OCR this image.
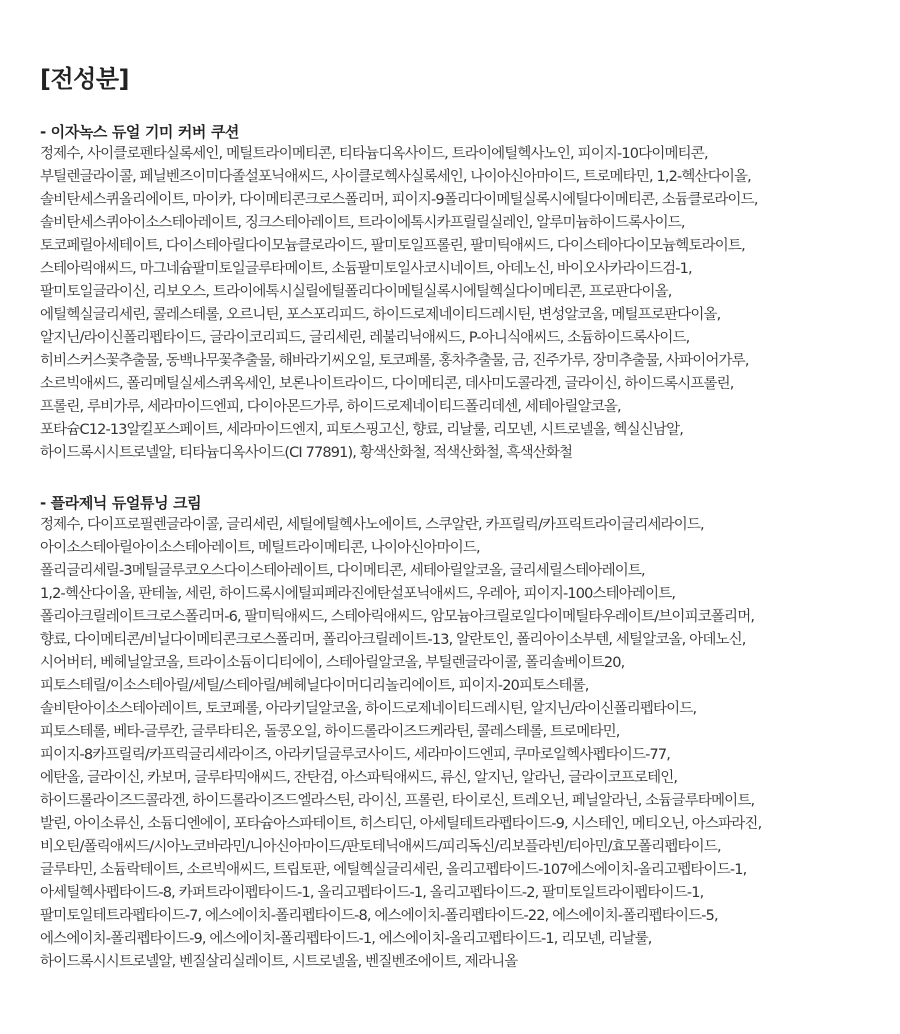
[전성분]
- 이자녹스 듀얼 기미 커버 쿠션
정제수, 사이클로펜타실록세인, 메틸트라이메티콘, 티타늄디옥사이드, 트라이에틸헥사노인, 피이지-10다이메티콘,
부틸렌글라이콜, 페닐벤즈이미다졸설포닉애씨드, 사이클로헥사실록세인, 나이아신아마이드, 트로메타민, 1,2-헥산다이올,
솔비탄세스퀴올리에이트, 마이카, 다이메티콘크로스폴리머, 피이지-9폴리다이메틸실록시에틸다이메티콘, 소듐클로라이드,
솔비탄세스퀴아이소스테아레이트, 징크스테아레이트, 트라이에톡시카프릴릴실레인, 알루미늄하이드록사이드,
토코페릴아세테이트, 다이스테아릴다이모늄클로라이드, 팔미토일프롤린, 팔미틱애씨드, 다이스테아다이모늄헥토라이트,
스테아릭애씨드, 마그네슘팔미토일글루타메이트, 소듐팔미토일사코시네이트, 아데노신, 바이오사카라이드검-1,
팔미토일글라이신, 리보오스, 트라이에톡시실릴에틸폴리다이메틸실록시에틸헥실다이메티콘, 프로판다이올,
에틸헥실글리세린, 콜레스테롤, 오르니틴, 포스포리피드, 하이드로제네이티드레시틴, 변성알코올, 메틸프로판다이올,
알지닌/라이신폴리펩타이드, 글라이코리피드, 글리세린, 레불리닉애씨드, P-아니식애씨드, 소듐하이드록사이드,
히비스커스꽃추출물, 동백나무꽃추출물, 해바라기씨오일, 토코페롤, 홍차추출물, 금, 진주가루, 장미추출물, 사파이어가루,
소르빅애씨드, 폴리메틸실세스퀴옥세인, 보론나이트라이드, 다이메티콘, 데사미도콜라겐, 글라이신, 하이드록시프롤린,
프롤린, 루비가루, 세라마이드엔피, 다이아몬드가루, 하이드로제네이티드폴리데센, 세테아릴알코올,
포타슘C12-13알킬포스페이트, 세라마이드엔지, 피토스핑고신, 향료, 리날룰, 리모넨, 시트로넬올, 헥실신남알,
하이드록시시트로넬알, 티타늄디옥사이드(CI 77891), 황색산화철, 적색산화철, 흑색산화철
- 플라제닉 듀얼튜닝 크림
정제수, 다이프로필렌글라이콜, 글리세린, 세틸에틸헥사노에이트, 스쿠알란, 카프릴릭/카프릭트라이글리세라이드,
아이소스테아릴아이소스테아레이트, 메틸트라이메티콘, 나이아신아마이드,
폴리글리세릴-3메틸글루코오스다이스테아레이트, 다이메티콘, 세테아릴알코올, 글리세릴스테아레이트,
1,2-헥산다이올, 판테놀, 세린, 하이드록시에틸피페라진에탄설포닉애씨드, 우레아, 피이지-100스테아레이트,
폴리아크릴레이트크로스폴리머-6, 팔미틱애씨드, 스테아릭애씨드, 암모늄아크릴로일다이메틸타우레이트/브이피코폴리머,
향료, 다이메티콘/비닐다이메티콘크로스폴리머, 폴리아크릴레이트-13, 알란토인, 폴리아이소부텐, 세틸알코올, 아데노신,
시어버터, 베헤닐알코올, 트라이소듐이디티에이, 스테아릴알코올, 부틸렌글라이콜, 폴리솔베이트20,
피토스테릴/이소스테아릴/세틸/스테아릴/베헤닐다이머디리놀리에이트, 피이지-20피토스테롤,
솔비탄아이소스테아레이트, 토코페롤, 아라키딜알코올, 하이드로제네이티드레시틴, 알지닌/라이신폴리펩타이드,
피토스테롤, 베타-글루칸, 글루타티온, 돌콩오일, 하이드롤라이즈드케라틴, 콜레스테롤, 트로메타민,
피이지-8카프릴릭/카프릭글리세라이즈, 아라키딜글루코사이드, 세라마이드엔피, 쿠마로일헥사펩타이드-77,
에탄올, 글라이신, 카보머, 글루타믹애씨드, 잔탄검, 아스파틱애씨드, 류신, 알지닌, 알라닌, 글라이코프로테인,
하이드롤라이즈드콜라겐, 하이드롤라이즈드엘라스틴, 라이신, 프롤린, 타이로신, 트레오닌, 페닐알라닌, 소듐글루타메이트,
발린, 아이소류신, 소듐디엔에이, 포타슘아스파테이트, 히스티딘, 아세틸테트라펩타이드-9, 시스테인, 메티오닌, 아스파라진,
비오틴/폴릭애씨드/시아노코바라민/니아신아마이드/판토테닉애씨드/피리독신/리보플라빈/티아민/효모폴리펩타이드,
글루타민, 소듐락테이트, 소르빅애씨드, 트립토판, 에틸헥실글리세린, 올리고펩타이드-107에스에이치-올리고펩타이드-1,
아세틸헥사펩타이드-8, 카퍼트라이펩타이드-1, 올리고펩타이드-1, 올리고펩타이드-2, 팔미토일트라이펩타이드-1,
팔미토일테트라펩타이드-7, 에스에이치-폴리펩타이드-8, 에스에이치-폴리펩타이드-22, 에스에이치-폴리펩타이드-5,
에스에이치-폴리펩타이드-9, 에스에이치-폴리펩타이드-1, 에스에이치-올리고펩타이드-1, 리모넨, 리날룰,
하이드록시시트로넬알, 벤질살리실레이트, 시트로넬올, 벤질벤조에이트, 제라니올
